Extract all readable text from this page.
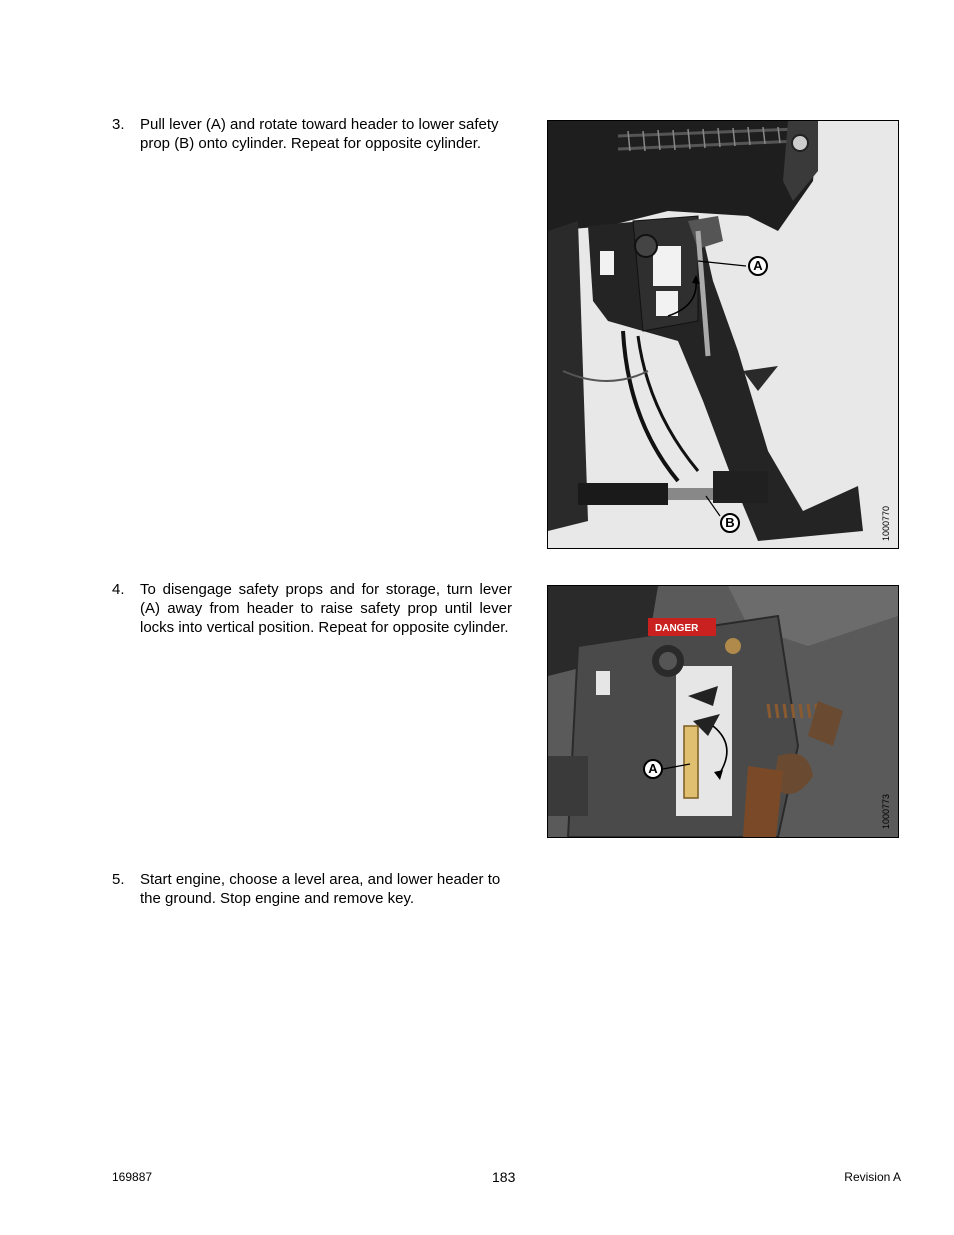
3. Pull lever (A) and rotate toward header to lower safety prop (B) onto cylinder. Repeat for opposite cylinder.
A
B	1000770
4. To disengage safety props and for storage, turn lever (A) away from header to raise safety prop until lever locks into vertical position. Repeat for opposite cylinder.	DANGER
A
1000773
5. Start engine, choose a level area, and lower header to the ground. Stop engine and remove key.
169887	183	Revision A
